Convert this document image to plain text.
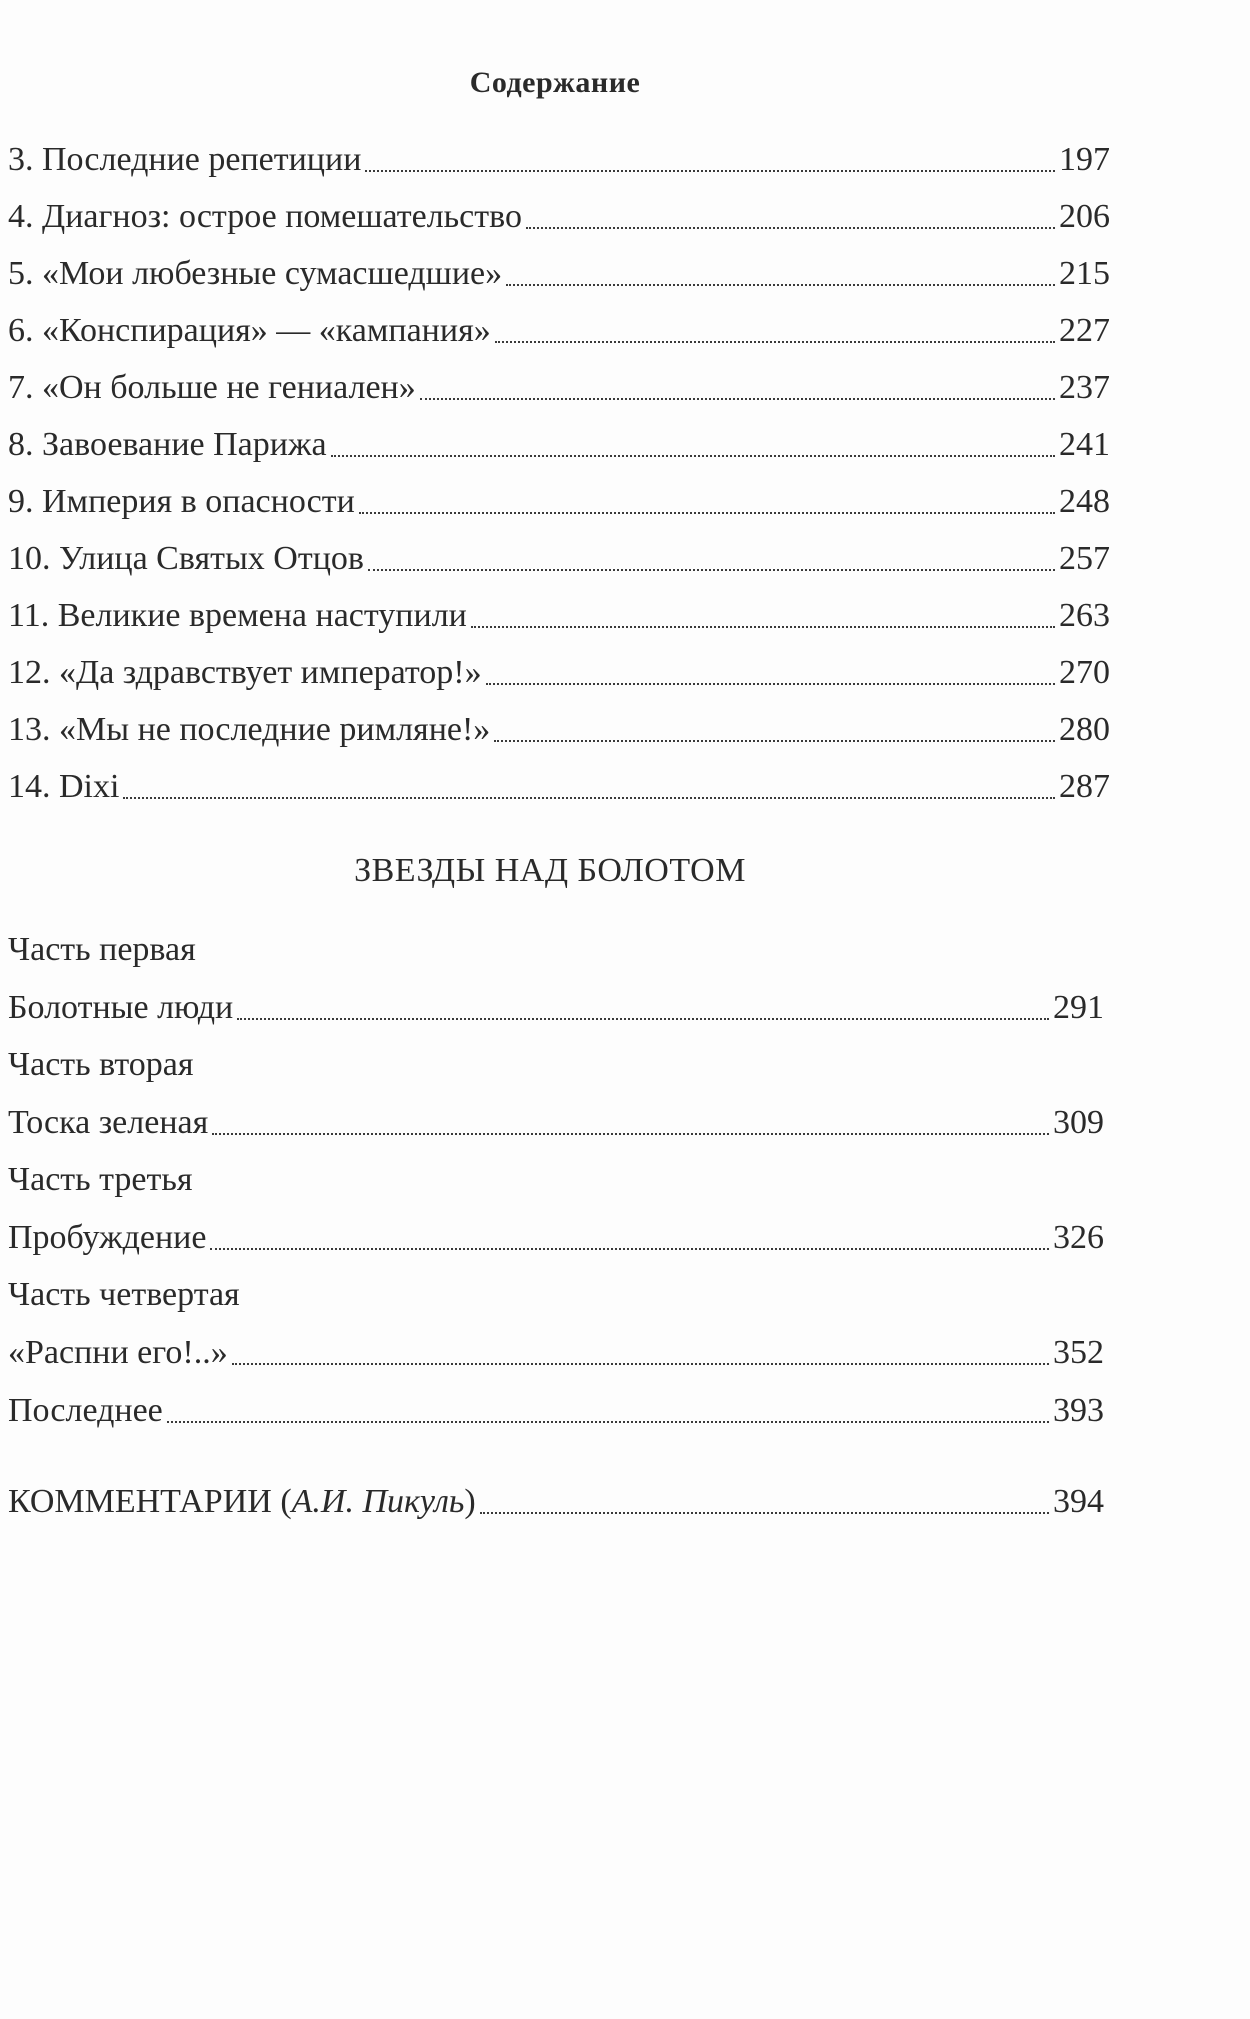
Содержание
3. Последние репетиции	197
4. Диагноз: острое помешательство	206
5. «Мои любезные сумасшедшие»	215
6. «Конспирация» — «кампания»	227
7. «Он больше не гениален»	237
8. Завоевание Парижа	241
9. Империя в опасности	248
10. Улица Святых Отцов	257
11. Великие времена наступили	263
12. «Да здравствует император!»	270
13. «Мы не последние римляне!»	280
14. Dixi	287
ЗВЕЗДЫ НАД БОЛОТОМ
Часть первая
Болотные люди	291
Часть вторая
Тоска зеленая	309
Часть третья
Пробуждение	326
Часть четвертая
«Распни его!..»	352
Последнее	393
КОММЕНТАРИИ (А.И. Пикуль)	394
